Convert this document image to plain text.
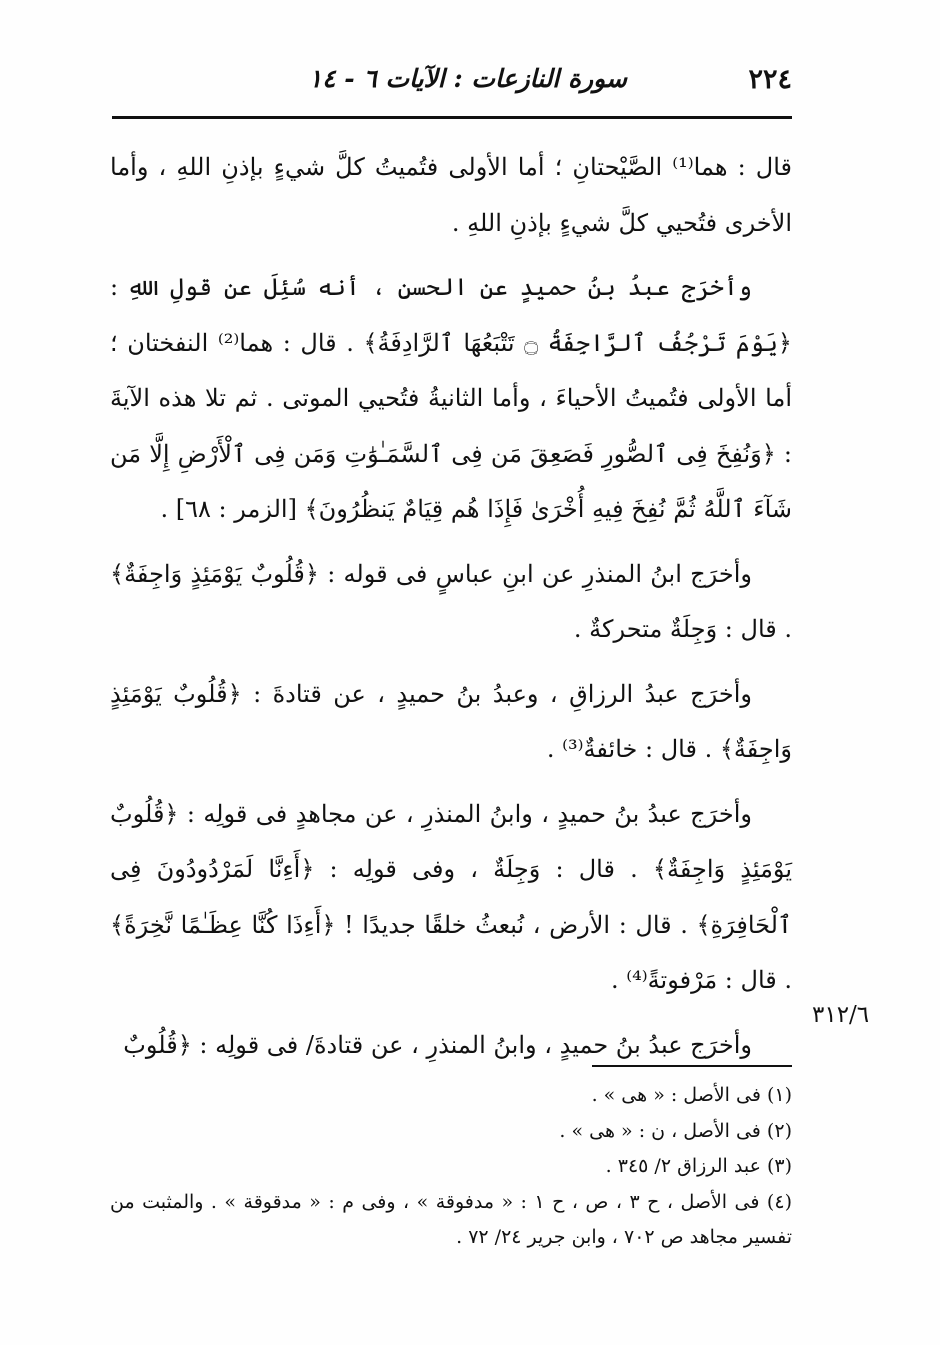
٢٢٤
سورة النازعات : الآيات ٦ - ١٤

قال : هما⁽¹⁾ الصَّيْحتانِ ؛ أما الأولى فتُميتُ كلَّ شيءٍ بإذنِ اللهِ ، وأما الأخرى فتُحيي كلَّ شيءٍ بإذنِ اللهِ .

وأخرَج عبدُ بنُ حميدٍ عن الحسنِ ، أنه سُئِلَ عن قولِ اللهِ : ﴿يَوْمَ تَرْجُفُ ٱلرَّاجِفَةُ ۝ تَتْبَعُهَا ٱلرَّادِفَةُ﴾ . قال : هما⁽²⁾ النفختان ؛ أما الأولى فتُميتُ الأحياءَ ، وأما الثانيةُ فتُحيي الموتى . ثم تلا هذه الآيةَ : ﴿وَنُفِخَ فِى ٱلصُّورِ فَصَعِقَ مَن فِى ٱلسَّمَـٰوَٰتِ وَمَن فِى ٱلْأَرْضِ إِلَّا مَن شَآءَ ٱللَّهُ ثُمَّ نُفِخَ فِيهِ أُخْرَىٰ فَإِذَا هُم قِيَامٌ يَنظُرُونَ﴾ [الزمر : ٦٨] .

وأخرَج ابنُ المنذرِ عن ابنِ عباسٍ فى قوله : ﴿قُلُوبٌ يَوْمَئِذٍ وَاجِفَةٌ﴾ . قال : وَجِلَةٌ متحركةٌ .

وأخرَج عبدُ الرزاقِ ، وعبدُ بنُ حميدٍ ، عن قتادةَ : ﴿قُلُوبٌ يَوْمَئِذٍ وَاجِفَةٌ﴾ . قال : خائفةٌ⁽³⁾ .

وأخرَج عبدُ بنُ حميدٍ ، وابنُ المنذرِ ، عن مجاهدٍ فى قولِه : ﴿قُلُوبٌ يَوْمَئِذٍ وَاجِفَةٌ﴾ . قال : وَجِلَةٌ ، وفى قولِه : ﴿أَءِنَّا لَمَرْدُودُونَ فِى ٱلْحَافِرَةِ﴾ . قال : الأرض ، نُبعثُ خلقًا جديدًا ! ﴿أَءِذَا كُنَّا عِظَـٰمًا نَّخِرَةً﴾ . قال : مَرْفوتةً⁽⁴⁾ .

وأخرَج عبدُ بنُ حميدٍ ، وابنُ المنذرِ ، عن قتادةَ/ فى قولِه : ﴿قُلُوبٌ

٣١٢/٦
(١) فى الأصل : « هى » .
(٢) فى الأصل ، ن : « هى » .
(٣) عبد الرزاق ٢/ ٣٤٥ .
(٤) فى الأصل ، ح ٣ ، ص ، ح ١ : « مدفوقة » ، وفى م : « مدقوقة » . والمثبت من تفسير مجاهد ص ٧٠٢ ، وابن جرير ٢٤/ ٧٢ .
